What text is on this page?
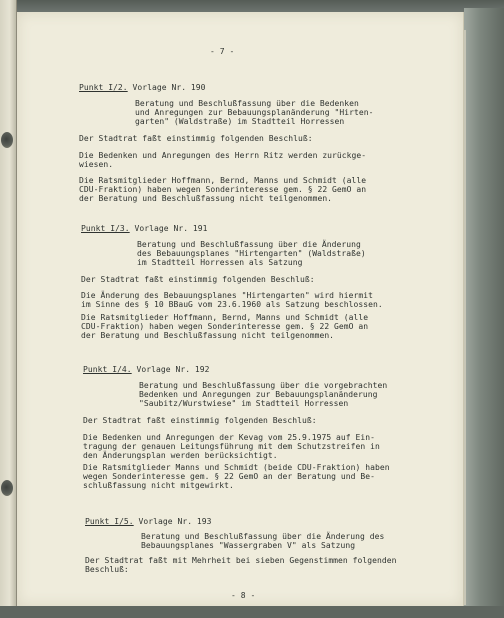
- 7 -
Punkt I/2. Vorlage Nr. 190
Beratung und Beschlußfassung über die Bedenken
und Anregungen zur Bebauungsplanänderung "Hirten-
garten" (Waldstraße) im Stadtteil Horressen
Der Stadtrat faßt einstimmig folgenden Beschluß:
Die Bedenken und Anregungen des Herrn Ritz werden zurückge-
wiesen.
Die Ratsmitglieder Hoffmann, Bernd, Manns und Schmidt (alle
CDU-Fraktion) haben wegen Sonderinteresse gem. § 22 GemO an
der Beratung und Beschlußfassung nicht teilgenommen.
Punkt I/3. Vorlage Nr. 191
Beratung und Beschlußfassung über die Änderung
des Bebauungsplanes "Hirtengarten" (Waldstraße)
im Stadtteil Horressen als Satzung
Der Stadtrat faßt einstimmig folgenden Beschluß:
Die Änderung des Bebauungsplanes "Hirtengarten" wird hiermit
im Sinne des § 10 BBauG vom 23.6.1960 als Satzung beschlossen.
Die Ratsmitglieder Hoffmann, Bernd, Manns und Schmidt (alle
CDU-Fraktion) haben wegen Sonderinteresse gem. § 22 GemO an
der Beratung und Beschlußfassung nicht teilgenommen.
Punkt I/4. Vorlage Nr. 192
Beratung und Beschlußfassung über die vorgebrachten
Bedenken und Anregungen zur Bebauungsplanänderung
"Saubitz/Wurstwiese" im Stadtteil Horressen
Der Stadtrat faßt einstimmig folgenden Beschluß:
Die Bedenken und Anregungen der Kevag vom 25.9.1975 auf Ein-
tragung der genauen Leitungsführung mit dem Schutzstreifen in
den Änderungsplan werden berücksichtigt.
Die Ratsmitglieder Manns und Schmidt (beide CDU-Fraktion) haben
wegen Sonderinteresse gem. § 22 GemO an der Beratung und Be-
schlußfassung nicht mitgewirkt.
Punkt I/5. Vorlage Nr. 193
Beratung und Beschlußfassung über die Änderung des
Bebauungsplanes "Wassergraben V" als Satzung
Der Stadtrat faßt mit Mehrheit bei sieben Gegenstimmen folgenden
Beschluß:
- 8 -
